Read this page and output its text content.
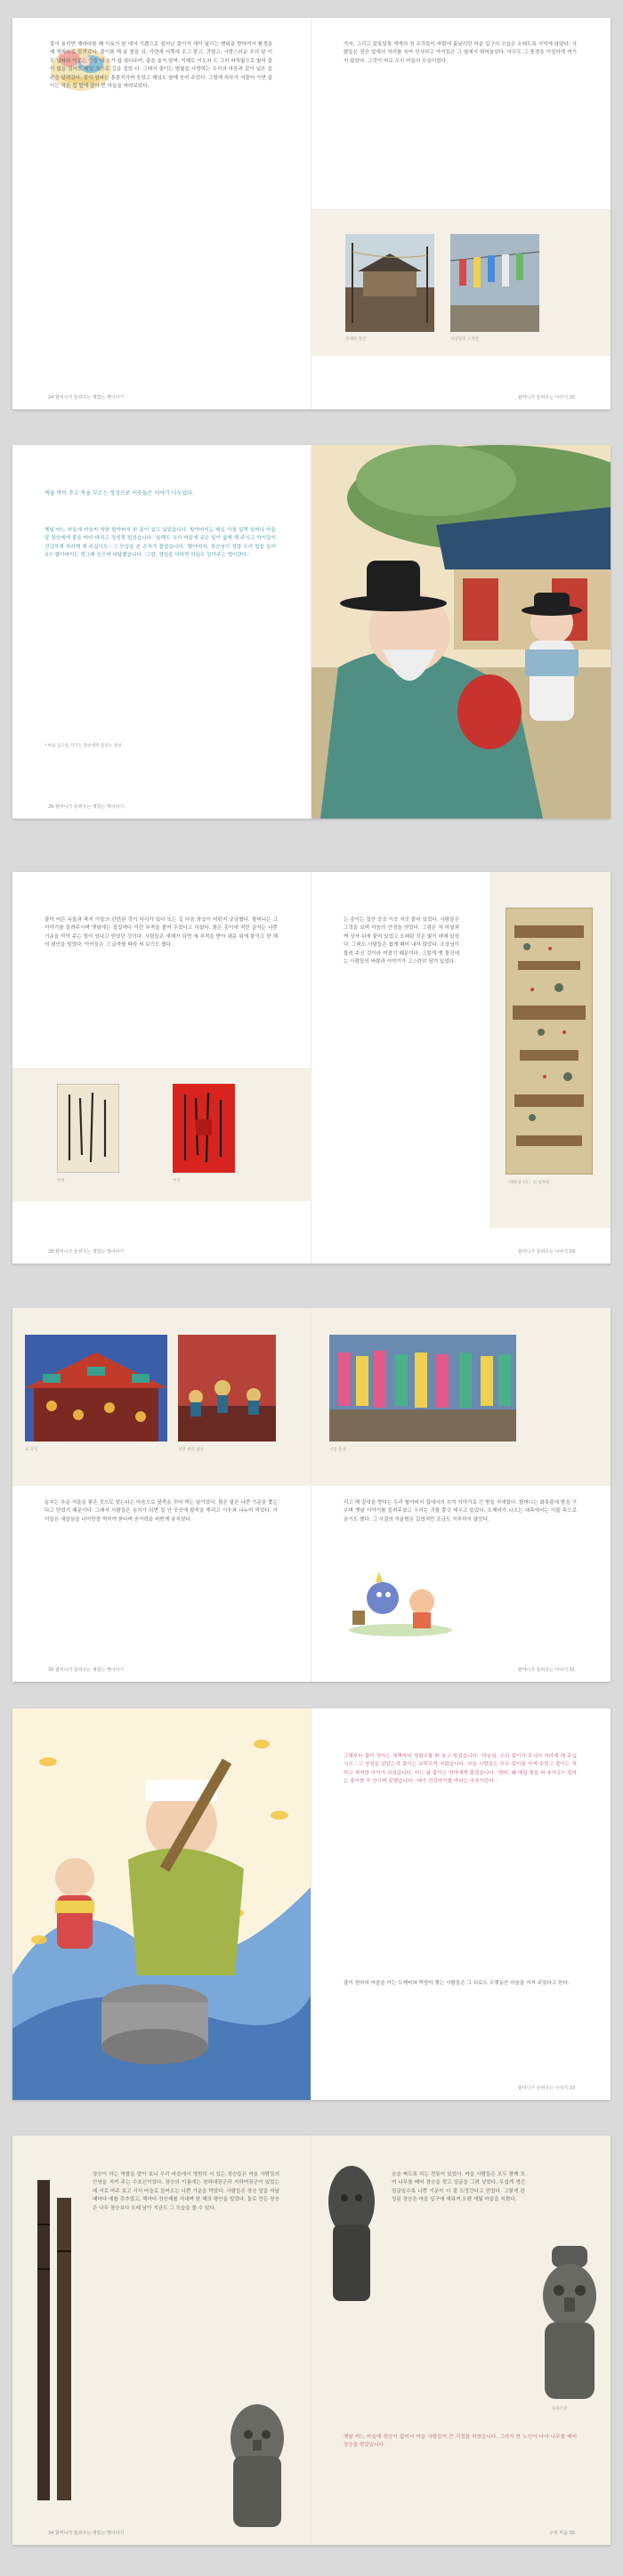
출이 올리면 해바라를 꽤 이토가 한 데서 기쁨으로 일어난 출이가 새이 날리는 맨위을 향하여서 환경을 제 영화으로 말려갔다. 출이를 해 올 쌀을 쉬, 가령에 서쪽에 조그 맣고, 귀엽고, 사랑스러운 우의 달 이도 널따라 이로는 등을 해 오가 쉽 였다주며, 출을 올지 말며, 이해도 이도와 도 그리 바둑빛으로 빛어 출이 없을 밀어도 매일 흐으로 길을 걸었 다. 그래서 출이는 별빛을 사랑하는 우리의 마음과 같이 넓은 들판을 달려갔다. 출이 엄마는 흥흥거리며 웃었고 해님도 함께 웃어 주었다. 그렇게 하루가 저물어 가면 출이는 작은 집 앞에 앉아 먼 하늘을 바라보았다.
24 할머니가 들려주는 재밌는 옛이야기
가지, 그리고 알록달록 색색의 천 조각들이 바람에 흩날리던 마을 입구의 모습은 오래도록 기억에 남았다. 사람들은 장승 앞에서 허리를 숙여 인사하고 아이들은 그 옆에서 뛰어놀았다. 아무도 그 풍경을 이상하게 여기지 않았다. 그것이 바로 우리 마을의 모습이었다.
솟대와 당산	서낭당의 오색천
할머니가 들려주는 이야기 25
액을 막아 주고 복을 부르는 정성으로 이웃들은 이야기 나누었다.
옛날 어느 마을에 마음씨 착한 할아버지 한 분이 살고 있었습니다. 할아버지는 매일 아침 일찍 일어나 마을 앞 장승에게 물을 떠다 바치고 정성껏 빌었습니다. '올해도 우리 마을에 궂은 일이 없게 해 주시고 아이들이 건강하게 자라게 해 주십시오.' 그 모습을 본 손자가 물었습니다. '할아버지, 장승님이 정말 우리 말을 들어요?' 할아버지는 빙그레 웃으며 대답했습니다. '그럼, 정성을 다하면 하늘도 알아주는 법이란다.'
* 마을 입구를 지키는 장승에게 올리는 정성
26 할머니가 들려주는 재밌는 옛이야기
출이 어른 옥돌과 축지 아들의 관련된 것이 하리가 있다 또는 길 다음 풍습이 어떤지 궁금했다. 할머니는 그 이야기를 들려주시며 옛날에는 집집마다 이런 부적을 붙여 두었다고 하셨다. 붉은 종이에 적힌 글자는 나쁜 기운을 막아 주는 힘이 있다고 믿었던 것이다. 사람들은 새해가 되면 새 부적을 받아 대문 위에 붙이고 한 해의 평안을 빌었다. 아이들은 그 글자를 따라 써 보기도 했다.
부적	부적
28 할머니가 들려주는 재밌는 옛이야기
는 종이는 집안 곳곳 이곳 저곳 붙어 있었다. 사람들은 그것을 보며 마음의 안정을 얻었다. 그림은 처 마밑과 벽 상자 뒤에 붙어 있었고 오래된 것은 빛이 바래 있었다. 그래도 사람들은 쉽게 떼어 내지 않았다. 조상님이 물려 주신 것이라 여겼기 때문이다. 그렇게 옛 물건에는 사람들의 바람과 이야기가 고스란히 담겨 있었다.
〈태평성시도〉의 일부분
할머니가 들려주는 이야기 29
묘 장식	지붕 위의 잡상
동지는 추운 겨울을 좋은 것으로 맞는다는 마음으로 팥죽을 쑤어 먹는 날이었다. 붉은 팥은 나쁜 기운을 쫓는다고 믿었기 때문이다. 그래서 사람들은 동지가 되면 집 안 곳곳에 팥죽을 뿌리고 이웃과 나누어 먹었다. 아이들은 새알심을 나이만큼 먹어야 한다며 숟가락을 바쁘게 움직였다.
30 할머니가 들려주는 재밌는 옛이야기
시장 풍경
리고 해 질녘을 향하는 우리 할아버지 집에서의 추억 이야기로 긴 밤을 지새웠다. 할머니는 화롯불에 밤을 구우며 옛날 이야기를 들려주셨고 우리는 귀를 쫑긋 세우고 들었다. 도깨비가 나오는 대목에서는 이불 속으로 숨기도 했다. 그 시절의 겨울밤은 길었지만 조금도 지루하지 않았다.
할머니가 들려주는 이야기 31
그해부터 출이 엄마는 새벽마다 정화수를 떠 놓고 빌었습니다. '하늘님, 우리 출이가 무사히 자라게 해 주십시오.' 그 정성을 알았는지 출이는 무럭무럭 자랐습니다. 마을 사람들도 모두 출이를 아껴 주었고 출이는 착하고 씩씩한 아이가 되었습니다. 어느 날 출이는 엄마에게 물었습니다. '엄마, 왜 매일 물을 떠 놓아요?' 엄마는 출이를 꼭 안으며 말했습니다. '네가 건강하기를 바라는 마음이란다.'
출이 엄마의 마음을 아는 도깨비와 떡방아 찧는 사람들은 그 뒤로도 오랫동안 마을을 지켜 주었다고 한다.
할머니가 들려주는 이야기 33
장승이 하는 역할을 알아 보니 우리 마을에서 영원히 서 있는 장승들은 마을 사람들의 안녕을 지켜 주는 수호신이었다. 장승의 이름에는 천하대장군과 지하여장군이 있었는데 서로 마주 보고 서서 마을로 들어오는 나쁜 기운을 막았다. 사람들은 장승 앞을 지날 때마다 예를 갖추었고, 해마다 장승제를 지내며 한 해의 평안을 빌었다. 돌로 만든 장승은 나무 장승보다 오래 남아 지금도 그 모습을 볼 수 있다.
34 할머니가 들려주는 재밌는 옛이야기
승을 짜도록 하는 전통이 있었다. 마을 사람들은 모두 함께 모여 나무를 베어 장승을 깎고 얼굴을 그려 넣었다. 무섭게 생긴 얼굴일수록 나쁜 기운이 더 잘 도망간다고 믿었다. 그렇게 완성된 장승은 마을 입구에 세워져 오랜 세월 마을을 지켰다.
돌하르방
옛날 어느 마을에 장승이 없어서 마을 사람들이 큰 걱정을 하였습니다. 그러자 한 노인이 나서 나무를 베어 장승을 깎았습니다.
우리 마을 35
